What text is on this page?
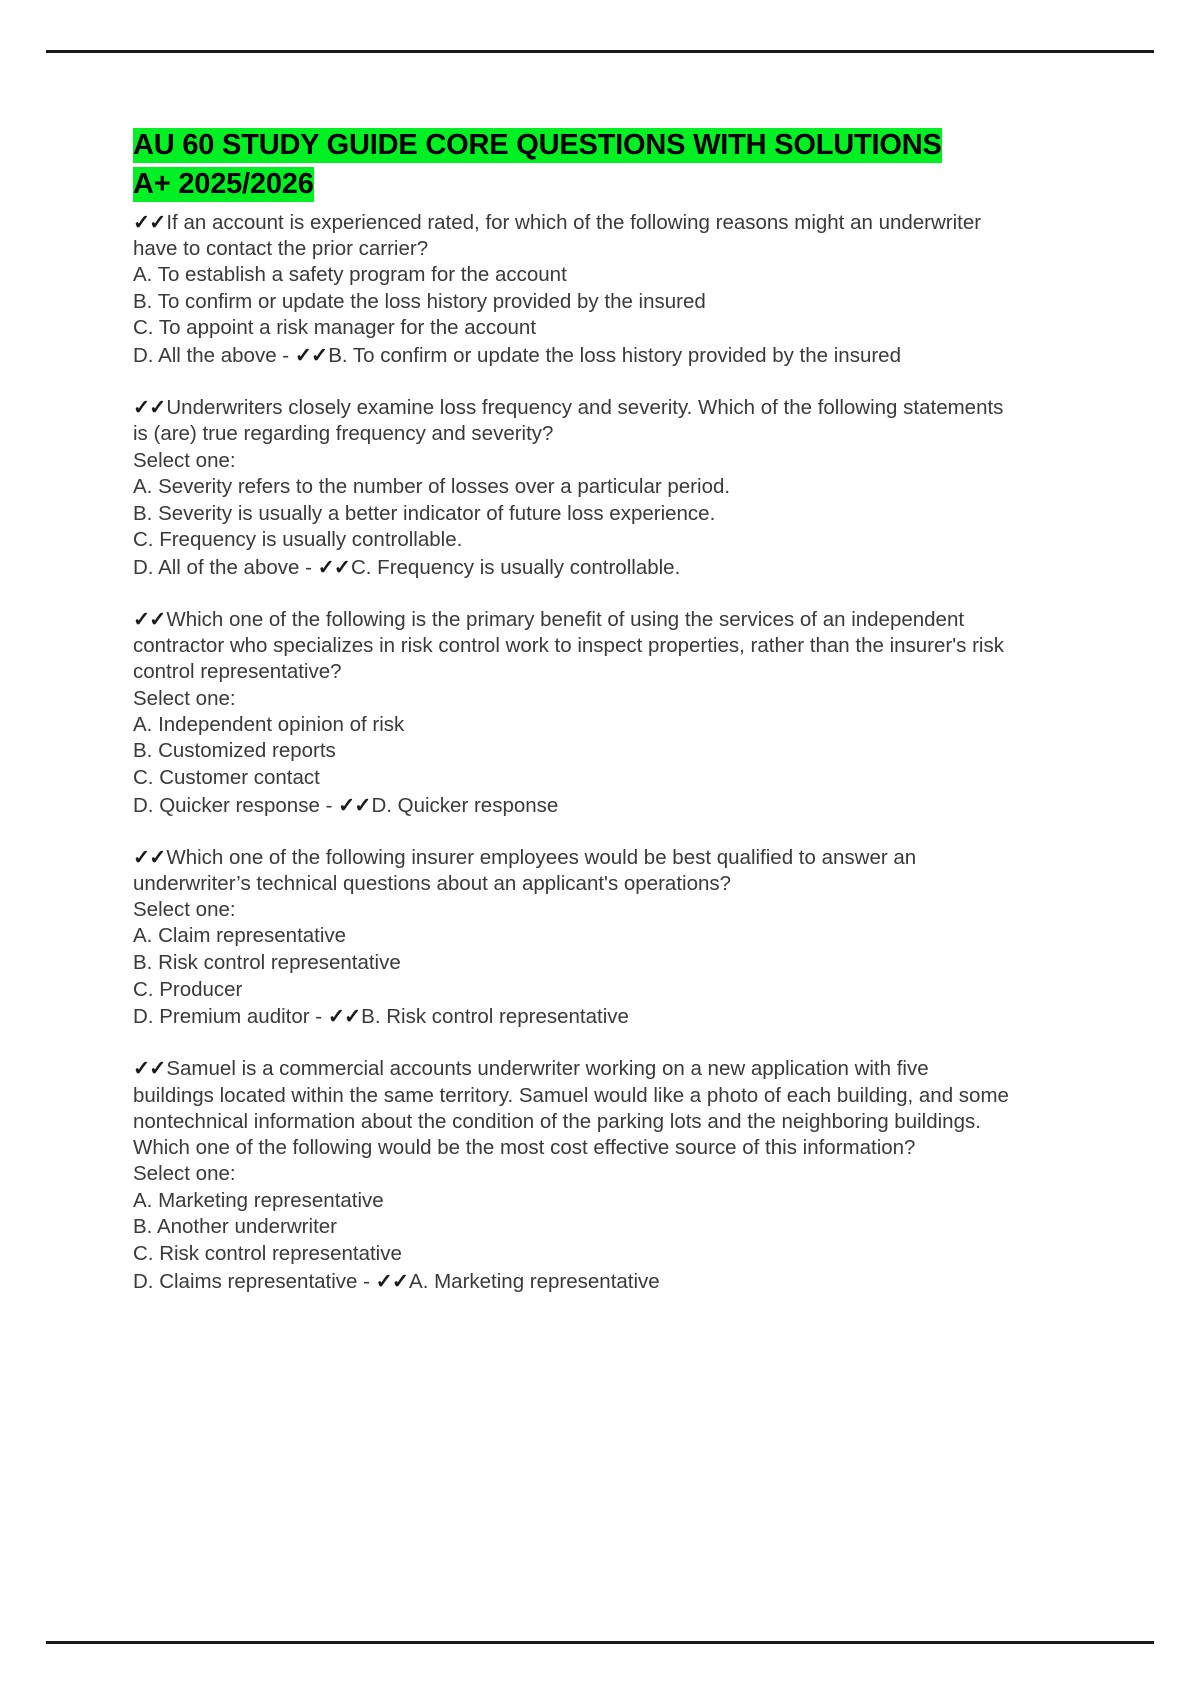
AU 60 STUDY GUIDE CORE QUESTIONS WITH SOLUTIONS
A+ 2025/2026

✓✓If an account is experienced rated, for which of the following reasons might an underwriter have to contact the prior carrier?

A. To establish a safety program for the account

B. To confirm or update the loss history provided by the insured

C. To appoint a risk manager for the account

D. All the above - ✓✓B. To confirm or update the loss history provided by the insured

✓✓Underwriters closely examine loss frequency and severity. Which of the following statements is (are) true regarding frequency and severity?

Select one:

A. Severity refers to the number of losses over a particular period.

B. Severity is usually a better indicator of future loss experience.

C. Frequency is usually controllable.

D. All of the above - ✓✓C. Frequency is usually controllable.

✓✓Which one of the following is the primary benefit of using the services of an independent contractor who specializes in risk control work to inspect properties, rather than the insurer's risk control representative?

Select one:

A. Independent opinion of risk

B. Customized reports

C. Customer contact

D. Quicker response - ✓✓D. Quicker response

✓✓Which one of the following insurer employees would be best qualified to answer an underwriter’s technical questions about an applicant's operations?

Select one:

A. Claim representative

B. Risk control representative

C. Producer

D. Premium auditor - ✓✓B. Risk control representative

✓✓Samuel is a commercial accounts underwriter working on a new application with five buildings located within the same territory. Samuel would like a photo of each building, and some nontechnical information about the condition of the parking lots and the neighboring buildings. Which one of the following would be the most cost effective source of this information?

Select one:

A. Marketing representative

B. Another underwriter

C. Risk control representative

D. Claims representative - ✓✓A. Marketing representative
